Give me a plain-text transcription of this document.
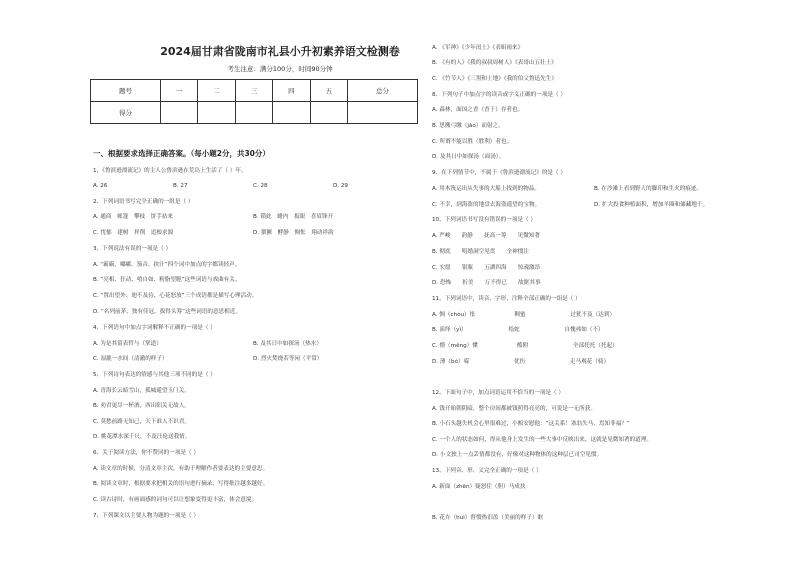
2024届甘肃省陇南市礼县小升初素养语文检测卷
考生注意：满分100分，时间90分钟
题号	一	二	三	四	五	总分
得分						
一、根据要求选择正确答案。（每小题2分，共30分）
1、《鲁滨逊漂流记》的主人公鲁滨逊在荒岛上生活了（ ）年。
2、下列词语书写完全正确的一组是（ ）
3、下列说法有误的一项是（ ）
A. “霸霸、嘟嘟、笳音、抉汁”四个词中加点的字都读轻声。
B. “亮相、狂动、嘻自如、粉脂望脆”这些词语与戏曲有关。
C. “置出望外、迪不及待、心花怒放”三个成语都是描写心理活动。
D. “名列前茅、独有佳冠、拔得头筹”这些词语的意思相近。
4、下列语句中加点字词解释不正确的一项是（ ）
5、下列诗句表达的情感与其他三项不同的是（ ）
A. 青海长云暗雪山，孤城遥望玉门关。
B. 劝君更尽一杯酒，西出阳关无故人。
C. 莫愁前路无知己，天下谁人不识君。
D. 桃花潭水深千尺，不及汪伦送我情。
6、关于阅读方法，你不赞同的一项是（ ）
A. 读文章的时候，分清文章主次，有助于理解作者要表达的主要意思。
B. 阅读文章时，根据要求把相关的语句进行摘录，写得批注越多越好。
C. 读古诗时，有画面感的词句可以让想象变得更丰富，体会意境。
7、下列课文以主要人物为题的一项是（ ）
A. 26	B. 27	C. 28	D. 29
A. 通商　帐篷　攀枝　饼手拈来	B. 锁此　蜡内　扳眼　喜眉锋开
C. 忧郁　建树　抨削　追根求源	D. 猥獗　酵静　惆怅　翔动祥韵
A. 为是其留表哲与（掌道）	B. 及其日中如探汤（热水）
C. 湿漉一水间（清澈的样子）	D. 烈火焚烧若等闲（平常）
A. 《军神》《少年闰土》《表姐雨来》
B. 《有的人》《我的叔叔周树人》《表哥山五壮士》
C. 《竹节人》《三黑和土地》《我的伯父鲁迅先生》
8、下列句子中加点字的读音或字义正确的一项是（ ）
A. 森林，面国之香（香于）存者也。
B. 思搬弓缴（jǎo）而射之。
C. 所谓不能以胜（胜利）者也。
D. 及其日中如探汤（面汤）。
9、在下列情节中，不属于《鲁滨逊漂流记》的是（ ）
A. 用木筏运出从失事的大船上找到的物品。
C. 不幸，到海盗的地盘去海盗遥望的宝物。
10、下列词语书写没有错误的一项是（ ）
11、下列词语中，读音、字形、注释全部正确的一组是（ ）
12、下面句子中，加点词语运用不恰当的一项是（ ）
A. 钱开始朝阴暗，整个房间都被钱照得亮亮的，可说是一无所获。
B. 小石头越失机会心里很难过，小贩安慰他：“这关系！塞翁失马，焉知非福？”
C. 一个人的状态如何，得从他身上发生的一些大事中反映出来，这就是见微知著的道理。
D. 小文独上一点丢情都没有，好像对这种物体的这种层已司空见惯。
13、下列音、形、义完全正确的一项是（ ）
A. 新面（zhēn）疑怒住（胆）马成扶
B. 花卉（huì）督惯热泪盈（美丽的样子）眶
B. 在沙滩上看到野人的脚印和生火的痕迹。
D. 扩大投食种植面积，增加羊圈和储藏地干。
A. 严峻　　韵静　　抚高一筹　　见微知著
B. 彻底　　明婚洞空见贯　　全神惯注
C. 宏愿　　银瓶　　五湖四海　　惊魂激昂
D. 恐怖　　折美　　万不得已　　故眶其事
A. 惆（chóu）怅　　　　　　　稠蜜　　　　　　　　过犹不及（达到）
B. 演绎（yì）　　　　　　　　绘蛇　　　　　　　　自愧弗如（不）
C. 懵（měng）懂　　　　　　　酷附　　　　　　　　全部托托（托起）
D. 薄（bó）霉　　　　　　　　优伤　　　　　　　　走马观花（骑）
